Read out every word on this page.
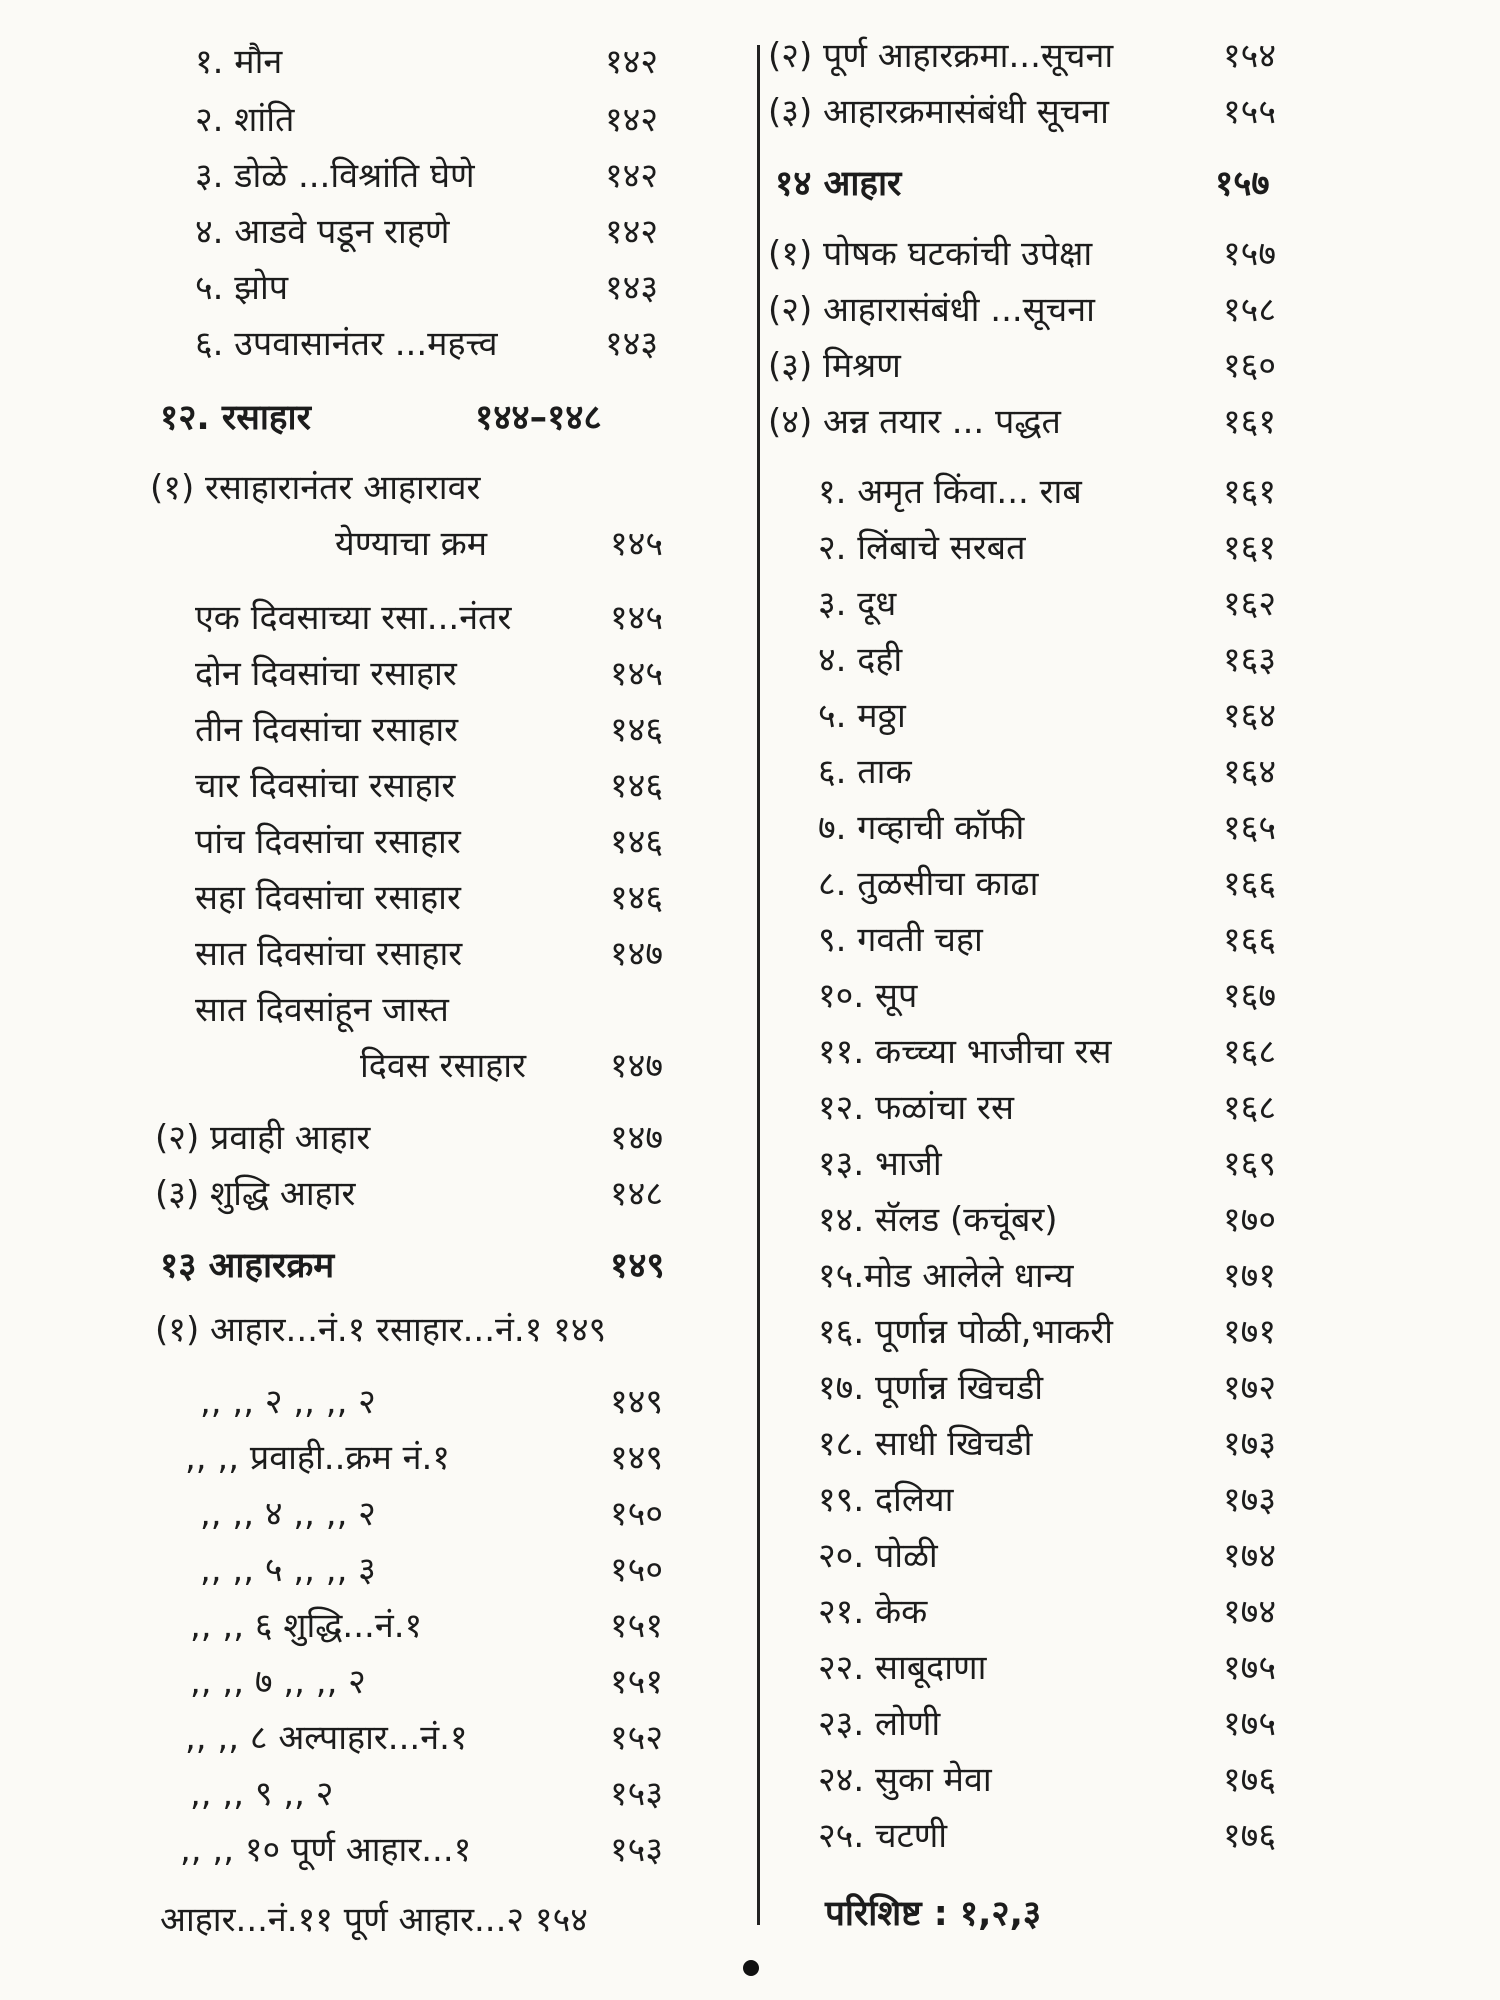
१. मौन	१४२
२. शांति	१४२
३. डोळे ...विश्रांति घेणे	१४२
४. आडवे पडून राहणे	१४२
५. झोप	१४३
६. उपवासानंतर ...महत्त्व	१४३
१२. रसाहार	१४४–१४८
(१) रसाहारानंतर आहारावर
येण्याचा क्रम	१४५
एक दिवसाच्या रसा...नंतर	१४५
दोन दिवसांचा रसाहार	१४५
तीन दिवसांचा रसाहार	१४६
चार दिवसांचा रसाहार	१४६
पांच दिवसांचा रसाहार	१४६
सहा दिवसांचा रसाहार	१४६
सात दिवसांचा रसाहार	१४७
सात दिवसांहून जास्त
दिवस रसाहार १४७
(२) प्रवाही आहार	१४७
(३) शुद्धि आहार	१४८
१३ आहारक्रम	१४९
(१) आहार...नं.१ रसाहार...नं.१ १४९
,, ,, २ ,, ,, २	१४९
,, ,, प्रवाही..क्रम नं.१	१४९
,, ,, ४ ,, ,, २	१५०
,, ,, ५ ,, ,, ३	१५०
,, ,, ६ शुद्धि...नं.१	१५१
,, ,, ७ ,, ,, २	१५१
,, ,, ८ अल्पाहार...नं.१	१५२
,, ,, ९ ,, २	१५३
,, ,, १० पूर्ण आहार...१	१५३
आहार...नं.११ पूर्ण आहार...२ १५४
(२) पूर्ण आहारक्रमा...सूचना	१५४
(३) आहारक्रमासंबंधी सूचना	१५५
१४ आहार	१५७
(१) पोषक घटकांची उपेक्षा	१५७
(२) आहारासंबंधी ...सूचना	१५८
(३) मिश्रण	१६०
(४) अन्न तयार ... पद्धत	१६१
१. अमृत किंवा... राब	१६१
२. लिंबाचे सरबत	१६१
३. दूध	१६२
४. दही	१६३
५. मठ्ठा	१६४
६. ताक	१६४
७. गव्हाची कॉफी	१६५
८. तुळसीचा काढा	१६६
९. गवती चहा	१६६
१०. सूप	१६७
११. कच्च्या भाजीचा रस	१६८
१२. फळांचा रस	१६८
१३. भाजी	१६९
१४. सॅलड (कचूंबर)	१७०
१५.मोड आलेले धान्य	१७१
१६. पूर्णान्न पोळी,भाकरी	१७१
१७. पूर्णान्न खिचडी	१७२
१८. साधी खिचडी	१७३
१९. दलिया	१७३
२०. पोळी	१७४
२१. केक	१७४
२२. साबूदाणा	१७५
२३. लोणी	१७५
२४. सुका मेवा	१७६
२५. चटणी	१७६
परिशिष्ट : १,२,३
